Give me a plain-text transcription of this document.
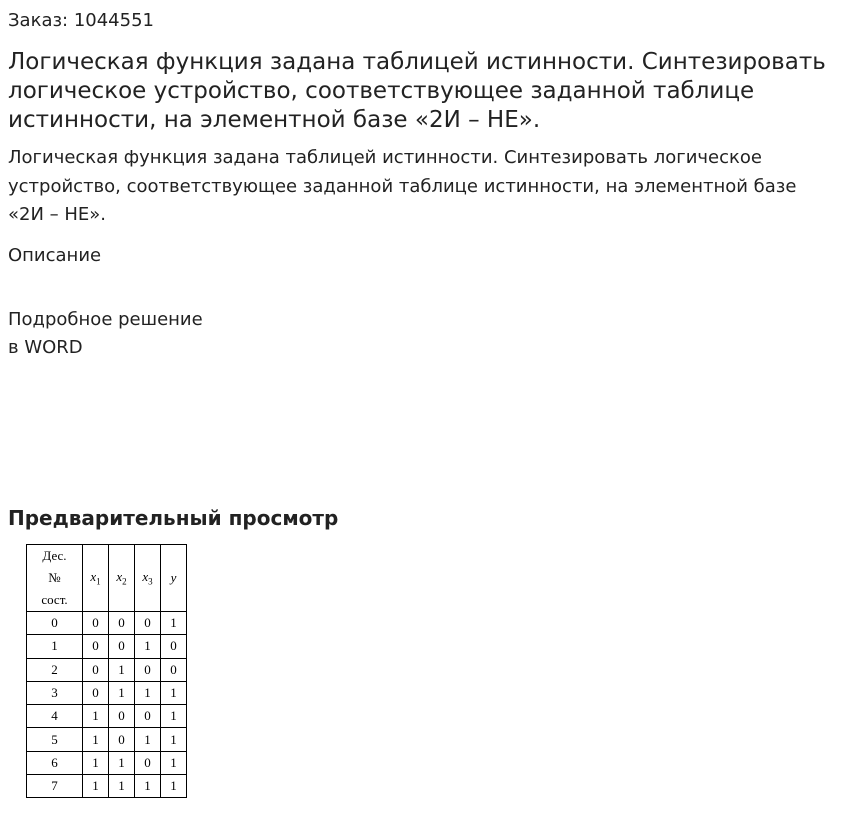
Заказ: 1044551
Логическая функция задана таблицей истинности. Синтезировать логическое устройство, соответствующее заданной таблице истинности, на элементной базе «2И – НЕ».

Логическая функция задана таблицей истинности. Синтезировать логическое устройство, соответствующее заданной таблице истинности, на элементной базе «2И – НЕ».

Описание
Подробное решение
в WORD
Предварительный просмотр
Дес.
№
сост.	$x_1$	$x_2$	$x_3$	y
0	0	0	0	1
1	0	0	1	0
2	0	1	0	0
3	0	1	1	1
4	1	0	0	1
5	1	0	1	1
6	1	1	0	1
7	1	1	1	1
